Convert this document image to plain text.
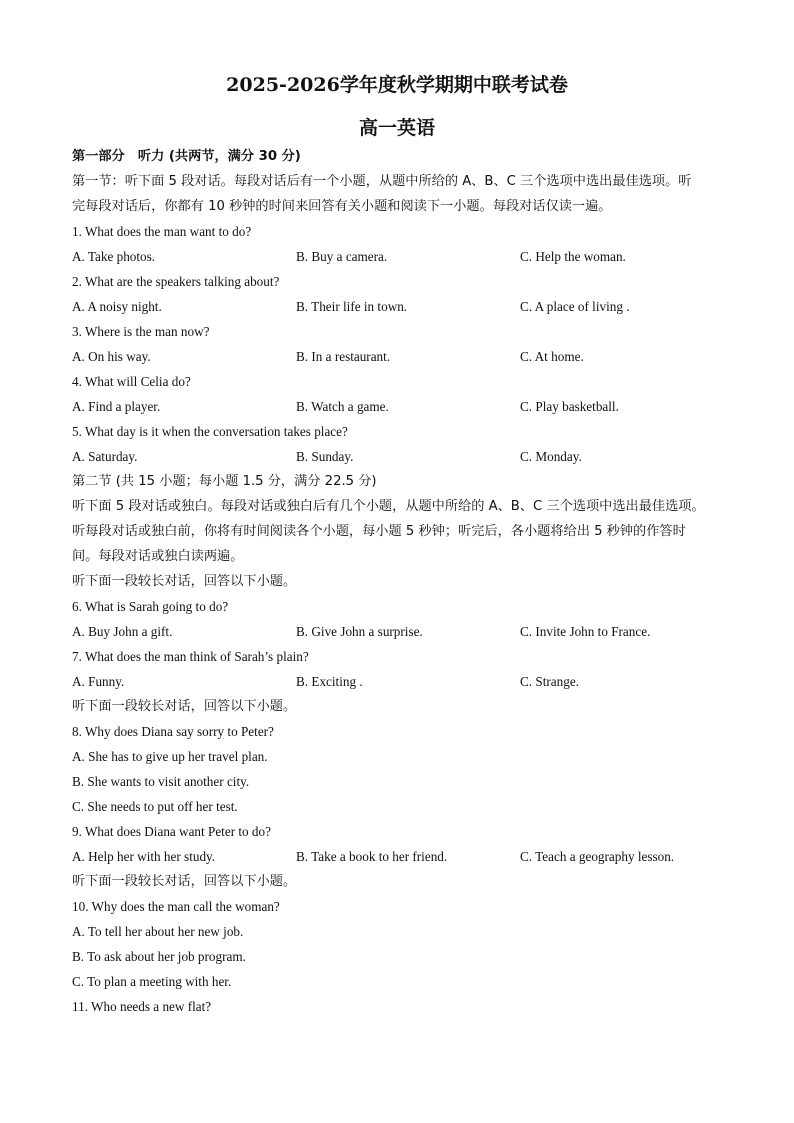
2025-2026学年度秋学期期中联考试卷
高一英语
第一部分　听力 (共两节，满分 30 分)
第一节：听下面 5 段对话。每段对话后有一个小题，从题中所给的 A、B、C 三个选项中选出最佳选项。听
完每段对话后，你都有 10 秒钟的时间来回答有关小题和阅读下一小题。每段对话仅读一遍。
1. What does the man want to do?
A. Take photos.	B. Buy a camera.	C. Help the woman.
2. What are the speakers talking about?
A. A noisy night.	B. Their life in town.	C. A place of living .
3. Where is the man now?
A. On his way.	B. In a restaurant.	C. At home.
4. What will Celia do?
A. Find a player.	B. Watch a game.	C. Play basketball.
5. What day is it when the conversation takes place?
A. Saturday.	B. Sunday.	C. Monday.
第二节 (共 15 小题；每小题 1.5 分，满分 22.5 分)
听下面 5 段对话或独白。每段对话或独白后有几个小题，从题中所给的 A、B、C 三个选项中选出最佳选项。
听每段对话或独白前，你将有时间阅读各个小题，每小题 5 秒钟；听完后，各小题将给出 5 秒钟的作答时
间。每段对话或独白读两遍。
听下面一段较长对话，回答以下小题。
6. What is Sarah going to do?
A. Buy John a gift.	B. Give John a surprise.	C. Invite John to France.
7. What does the man think of Sarah’s plain?
A. Funny.	B. Exciting .	C. Strange.
听下面一段较长对话，回答以下小题。
8. Why does Diana say sorry to Peter?
A. She has to give up her travel plan.
B. She wants to visit another city.
C. She needs to put off her test.
9. What does Diana want Peter to do?
A. Help her with her study.	B. Take a book to her friend.	C. Teach a geography lesson.
听下面一段较长对话，回答以下小题。
10. Why does the man call the woman?
A. To tell her about her new job.
B. To ask about her job program.
C. To plan a meeting with her.
11. Who needs a new flat?
